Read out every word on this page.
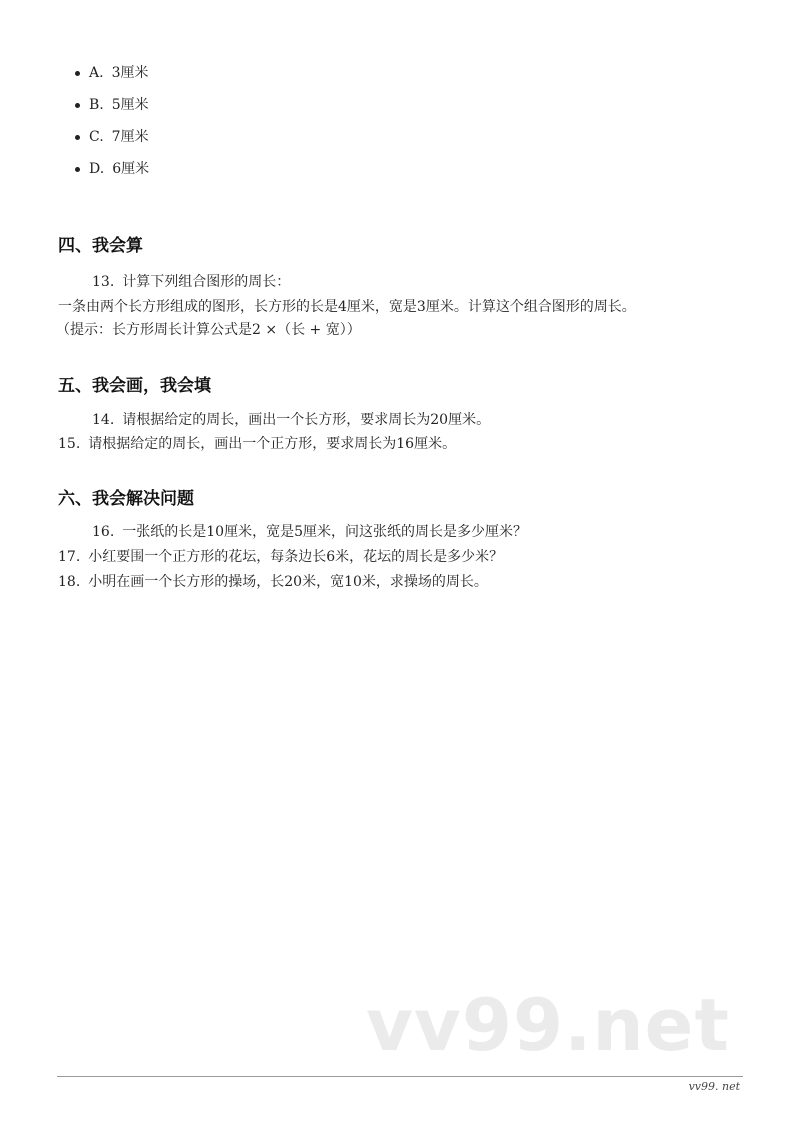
A. 3厘米
B. 5厘米
C. 7厘米
D. 6厘米
四、我会算

13. 计算下列组合图形的周长：

一条由两个长方形组成的图形，长方形的长是4厘米，宽是3厘米。计算这个组合图形的周长。

（提示：长方形周长计算公式是2 ×（长 + 宽））

五、我会画，我会填

14. 请根据给定的周长，画出一个长方形，要求周长为20厘米。

15. 请根据给定的周长，画出一个正方形，要求周长为16厘米。

六、我会解决问题

16. 一张纸的长是10厘米，宽是5厘米，问这张纸的周长是多少厘米？

17. 小红要围一个正方形的花坛，每条边长6米，花坛的周长是多少米？

18. 小明在画一个长方形的操场，长20米，宽10米，求操场的周长。

vv99.net
vv99. net
